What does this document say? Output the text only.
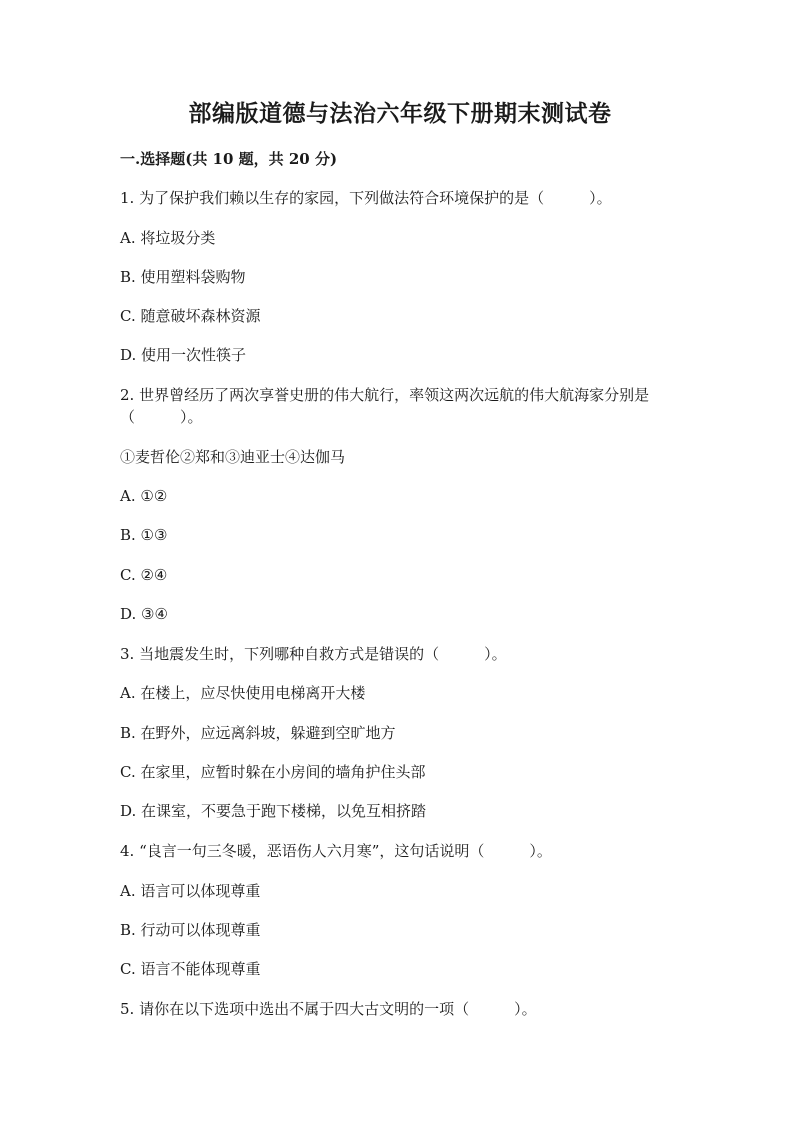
部编版道德与法治六年级下册期末测试卷
一.选择题(共 10 题，共 20 分)
1. 为了保护我们赖以生存的家园，下列做法符合环境保护的是（　　　）。
A. 将垃圾分类
B. 使用塑料袋购物
C. 随意破坏森林资源
D. 使用一次性筷子
2. 世界曾经历了两次享誉史册的伟大航行，率领这两次远航的伟大航海家分别是（　　　）。
①麦哲伦②郑和③迪亚士④达伽马
A. ①②
B. ①③
C. ②④
D. ③④
3. 当地震发生时，下列哪种自救方式是错误的（　　　）。
A. 在楼上，应尽快使用电梯离开大楼
B. 在野外，应远离斜坡，躲避到空旷地方
C. 在家里，应暂时躲在小房间的墙角护住头部
D. 在课室，不要急于跑下楼梯，以免互相挤踏
4. “良言一句三冬暖，恶语伤人六月寒”，这句话说明（　　　）。
A. 语言可以体现尊重
B. 行动可以体现尊重
C. 语言不能体现尊重
5. 请你在以下选项中选出不属于四大古文明的一项（　　　）。
